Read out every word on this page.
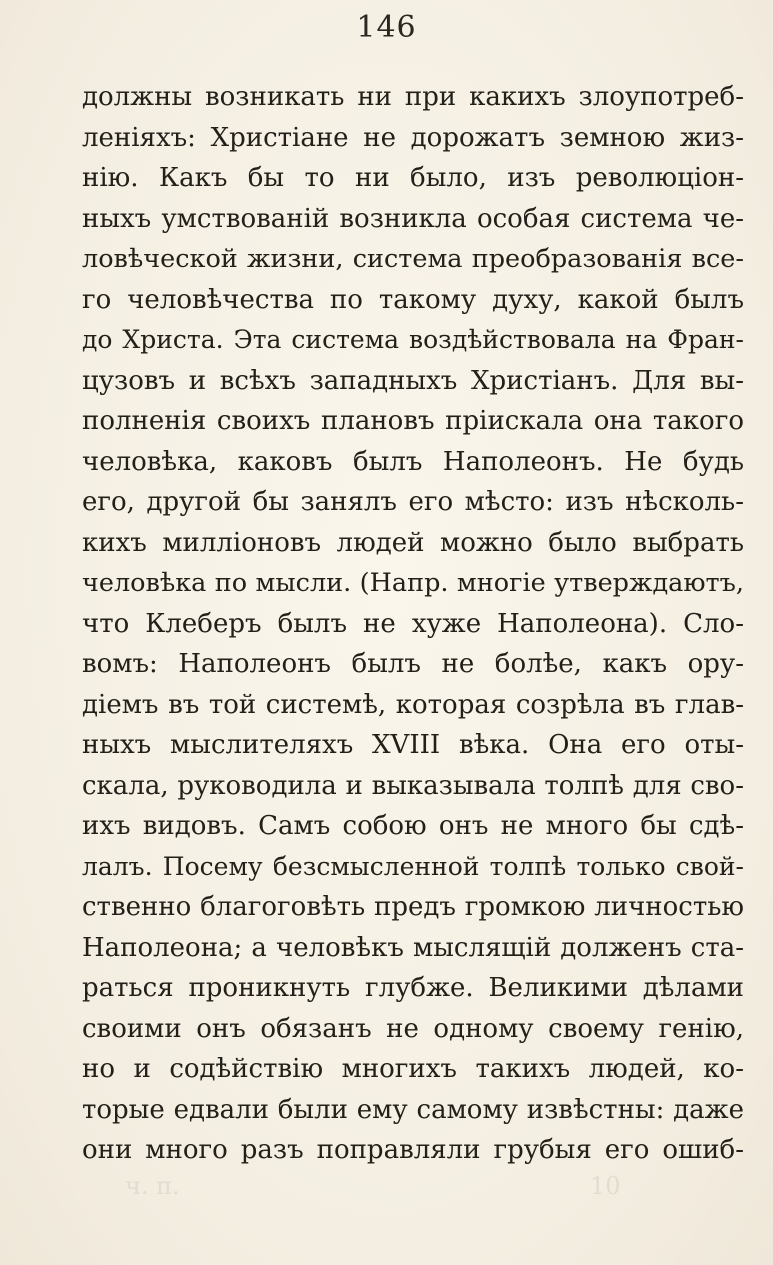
146
должны возникать ни при какихъ злоупотреб-
леніяхъ: Христіане не дорожатъ земною жиз-
нію. Какъ бы то ни было, изъ революціон-
ныхъ умствованій возникла особая система че-
ловѣческой жизни, система преобразованія все-
го человѣчества по такому духу, какой былъ
до Христа. Эта система воздѣйствовала на Фран-
цузовъ и всѣхъ западныхъ Христіанъ. Для вы-
полненія своихъ плановъ пріискала она такого
человѣка, каковъ былъ Наполеонъ. Не будь
его, другой бы занялъ его мѣсто: изъ нѣсколь-
кихъ милліоновъ людей можно было выбрать
человѣка по мысли. (Напр. многіе утверждаютъ,
что Клеберъ былъ не хуже Наполеона). Сло-
вомъ: Наполеонъ былъ не болѣе, какъ ору-
діемъ въ той системѣ, которая созрѣла въ глав-
ныхъ мыслителяхъ XVIII вѣка. Она его оты-
скала, руководила и выказывала толпѣ для сво-
ихъ видовъ. Самъ собою онъ не много бы сдѣ-
лалъ. Посему безсмысленной толпѣ только свой-
ственно благоговѣть предъ громкою личностью
Наполеона; а человѣкъ мыслящій долженъ ста-
раться проникнуть глубже. Великими дѣлами
своими онъ обязанъ не одному своему генію,
но и содѣйствію многихъ такихъ людей, ко-
торые едвали были ему самому извѣстны: даже
они много разъ поправляли грубыя его ошиб-
ч. п.	10
